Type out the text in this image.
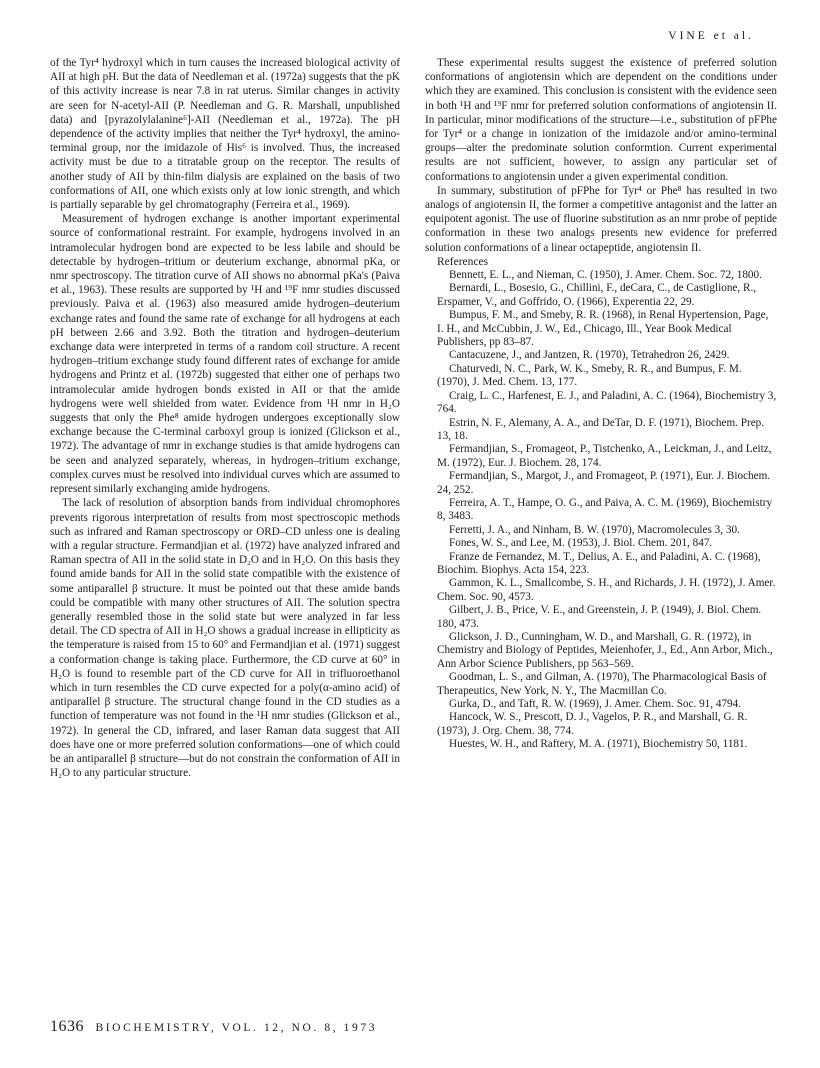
VINE et al.

of the Tyr⁴ hydroxyl which in turn causes the increased biological activity of AII at high pH. But the data of Needleman et al. (1972a) suggests that the pK of this activity increase is near 7.8 in rat uterus. Similar changes in activity are seen for N-acetyl-AII (P. Needleman and G. R. Marshall, unpublished data) and [pyrazolylalanine⁶]-AII (Needleman et al., 1972a). The pH dependence of the activity implies that neither the Tyr⁴ hydroxyl, the amino-terminal group, nor the imidazole of His⁶ is involved. Thus, the increased activity must be due to a titratable group on the receptor. The results of another study of AII by thin-film dialysis are explained on the basis of two conformations of AII, one which exists only at low ionic strength, and which is partially separable by gel chromatography (Ferreira et al., 1969).

Measurement of hydrogen exchange is another important experimental source of conformational restraint. For example, hydrogens involved in an intramolecular hydrogen bond are expected to be less labile and should be detectable by hydrogen–tritium or deuterium exchange, abnormal pKa, or nmr spectroscopy. The titration curve of AII shows no abnormal pKa's (Paiva et al., 1963). These results are supported by ¹H and ¹⁹F nmr studies discussed previously. Paiva et al. (1963) also measured amide hydrogen–deuterium exchange rates and found the same rate of exchange for all hydrogens at each pH between 2.66 and 3.92. Both the titration and hydrogen–deuterium exchange data were interpreted in terms of a random coil structure. A recent hydrogen–tritium exchange study found different rates of exchange for amide hydrogens and Printz et al. (1972b) suggested that either one of perhaps two intramolecular amide hydrogen bonds existed in AII or that the amide hydrogens were well shielded from water. Evidence from ¹H nmr in H₂O suggests that only the Phe⁸ amide hydrogen undergoes exceptionally slow exchange because the C-terminal carboxyl group is ionized (Glickson et al., 1972). The advantage of nmr in exchange studies is that amide hydrogens can be seen and analyzed separately, whereas, in hydrogen–tritium exchange, complex curves must be resolved into individual curves which are assumed to represent similarly exchanging amide hydrogens.

The lack of resolution of absorption bands from individual chromophores prevents rigorous interpretation of results from most spectroscopic methods such as infrared and Raman spectroscopy or ORD–CD unless one is dealing with a regular structure. Fermandjian et al. (1972) have analyzed infrared and Raman spectra of AII in the solid state in D₂O and in H₂O. On this basis they found amide bands for AII in the solid state compatible with the existence of some antiparallel β structure. It must be pointed out that these amide bands could be compatible with many other structures of AII. The solution spectra generally resembled those in the solid state but were analyzed in far less detail. The CD spectra of AII in H₂O shows a gradual increase in ellipticity as the temperature is raised from 15 to 60° and Fermandjian et al. (1971) suggest a conformation change is taking place. Furthermore, the CD curve at 60° in H₂O is found to resemble part of the CD curve for AII in trifluoroethanol which in turn resembles the CD curve expected for a poly(α-amino acid) of antiparallel β structure. The structural change found in the CD studies as a function of temperature was not found in the ¹H nmr studies (Glickson et al., 1972). In general the CD, infrared, and laser Raman data suggest that AII does have one or more preferred solution conformations—one of which could be an antiparallel β structure—but do not constrain the conformation of AII in H₂O to any particular structure.

These experimental results suggest the existence of preferred solution conformations of angiotensin which are dependent on the conditions under which they are examined. This conclusion is consistent with the evidence seen in both ¹H and ¹⁹F nmr for preferred solution conformations of angiotensin II. In particular, minor modifications of the structure—i.e., substitution of pFPhe for Tyr⁴ or a change in ionization of the imidazole and/or amino-terminal groups—alter the predominate solution conformtion. Current experimental results are not sufficient, however, to assign any particular set of conformations to angiotensin under a given experimental condition.

In summary, substitution of pFPhe for Tyr⁴ or Phe⁸ has resulted in two analogs of angiotensin II, the former a competitive antagonist and the latter an equipotent agonist. The use of fluorine substitution as an nmr probe of peptide conformation in these two analogs presents new evidence for preferred solution conformations of a linear octapeptide, angiotensin II.

References

Bennett, E. L., and Nieman, C. (1950), J. Amer. Chem. Soc. 72, 1800.

Bernardi, L., Bosesio, G., Chillini, F., deCara, C., de Castiglione, R., Erspamer, V., and Goffrido, O. (1966), Experentia 22, 29.

Bumpus, F. M., and Smeby, R. R. (1968), in Renal Hypertension, Page, I. H., and McCubbin, J. W., Ed., Chicago, Ill., Year Book Medical Publishers, pp 83–87.

Cantacuzene, J., and Jantzen, R. (1970), Tetrahedron 26, 2429.

Chaturvedi, N. C., Park, W. K., Smeby, R. R., and Bumpus, F. M. (1970), J. Med. Chem. 13, 177.

Craig, L. C., Harfenest, E. J., and Paladini, A. C. (1964), Biochemistry 3, 764.

Estrin, N. F., Alemany, A. A., and DeTar, D. F. (1971), Biochem. Prep. 13, 18.

Fermandjian, S., Fromageot, P., Tistchenko, A., Leickman, J., and Leitz, M. (1972), Eur. J. Biochem. 28, 174.

Fermandjian, S., Margot, J., and Fromageot, P. (1971), Eur. J. Biochem. 24, 252.

Ferreira, A. T., Hampe, O. G., and Paiva, A. C. M. (1969), Biochemistry 8, 3483.

Ferretti, J. A., and Ninham, B. W. (1970), Macromolecules 3, 30.

Fones, W. S., and Lee, M. (1953), J. Biol. Chem. 201, 847.

Franze de Fernandez, M. T., Delius, A. E., and Paladini, A. C. (1968), Biochim. Biophys. Acta 154, 223.

Gammon, K. L., Smallcombe, S. H., and Richards, J. H. (1972), J. Amer. Chem. Soc. 90, 4573.

Gilbert, J. B., Price, V. E., and Greenstein, J. P. (1949), J. Biol. Chem. 180, 473.

Glickson, J. D., Cunningham, W. D., and Marshall, G. R. (1972), in Chemistry and Biology of Peptides, Meienhofer, J., Ed., Ann Arbor, Mich., Ann Arbor Science Publishers, pp 563–569.

Goodman, L. S., and Gilman, A. (1970), The Pharmacological Basis of Therapeutics, New York, N. Y., The Macmillan Co.

Gurka, D., and Taft, R. W. (1969), J. Amer. Chem. Soc. 91, 4794.

Hancock, W. S., Prescott, D. J., Vagelos, P. R., and Marshall, G. R. (1973), J. Org. Chem. 38, 774.

Huestes, W. H., and Raftery, M. A. (1971), Biochemistry 50, 1181.

1636 BIOCHEMISTRY, VOL. 12, NO. 8, 1973
